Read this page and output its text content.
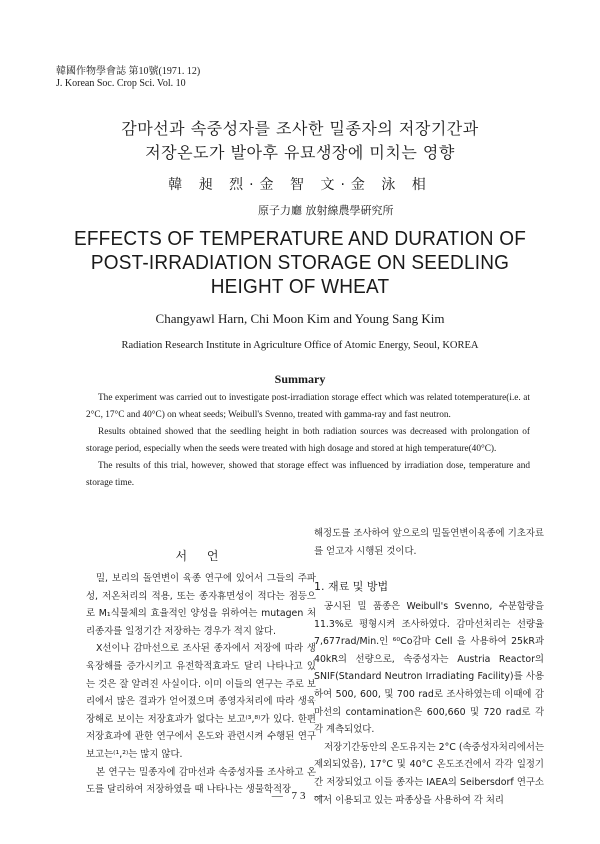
韓國作物學會誌 第10號(1971. 12)
J. Korean Soc. Crop Sci. Vol. 10
감마선과 속중성자를 조사한 밀종자의 저장기간과
저장온도가 발아후 유묘생장에 미치는 영향
韓 昶 烈·金 智 文·金 泳 相
原子力廳 放射線農學硏究所
EFFECTS OF TEMPERATURE AND DURATION OF
POST-IRRADIATION STORAGE ON SEEDLING
HEIGHT OF WHEAT
Changyawl Harn, Chi Moon Kim and Young Sang Kim
Radiation Research Institute in Agriculture Office of Atomic Energy, Seoul, KOREA
Summary

The experiment was carried out to investigate post-irradiation storage effect which was related totemperature(i.e. at 2°C, 17°C and 40°C) on wheat seeds; Weibull's Svenno, treated with gamma-ray and fast neutron.

Results obtained showed that the seedling height in both radiation sources was decreased with prolongation of storage period, especially when the seeds were treated with high dosage and stored at high temperature(40°C).

The results of this trial, however, showed that storage effect was influenced by irradiation dose, temperature and storage time.

서 언

밀, 보리의 돌연변이 육종 연구에 있어서 그들의 주파성, 저온처리의 적용, 또는 종자휴면성이 적다는 점등으로 M₁식물체의 효율적인 양성을 위하여는 mutagen 처리종자를 일정기간 저장하는 경우가 적지 않다.

X선이나 감마선으로 조사된 종자에서 저장에 따라 생육장해를 증가시키고 유전학적효과도 달리 나타나고 있는 것은 잘 알려진 사실이다. 이미 이들의 연구는 주로 보리에서 많은 결과가 얻어졌으며 종영자처리에 따라 생육장해로 보이는 저장효과가 없다는 보고⁽³,⁸⁾가 있다. 한편 저장효과에 관한 연구에서 온도와 관련시켜 수행된 연구보고는⁽¹,²⁾는 많지 않다.

본 연구는 밀종자에 감마선과 속중성자를 조사하고 온도를 달리하여 저장하였을 때 나타나는 생물학적장

해정도를 조사하여 앞으로의 밀돌연변이육종에 기초자료를 얻고자 시행된 것이다.

1. 재료 및 방법

공시된 밀 품종은 Weibull's Svenno, 수분함량을 11.3%로 평형시켜 조사하였다. 감마선처리는 선량율 7,677rad/Min.인 ⁶⁰Co감마 Cell 을 사용하여 25kR과 40kR의 선량으로, 속중성자는 Austria Reactor의 SNIF(Standard Neutron Irradiating Facility)를 사용하여 500, 600, 및 700 rad로 조사하였는데 이때에 감마선의 contamination은 600,660 및 720 rad로 각각 계측되었다.

저장기간동안의 온도유지는 2°C (속중성자처리에서는 제외되었음), 17°C 및 40°C 온도조건에서 각각 일정기간 저장되었고 이들 종자는 IAEA의 Seibersdorf 연구소에서 이용되고 있는 파종상을 사용하여 각 처리

— 73 —
